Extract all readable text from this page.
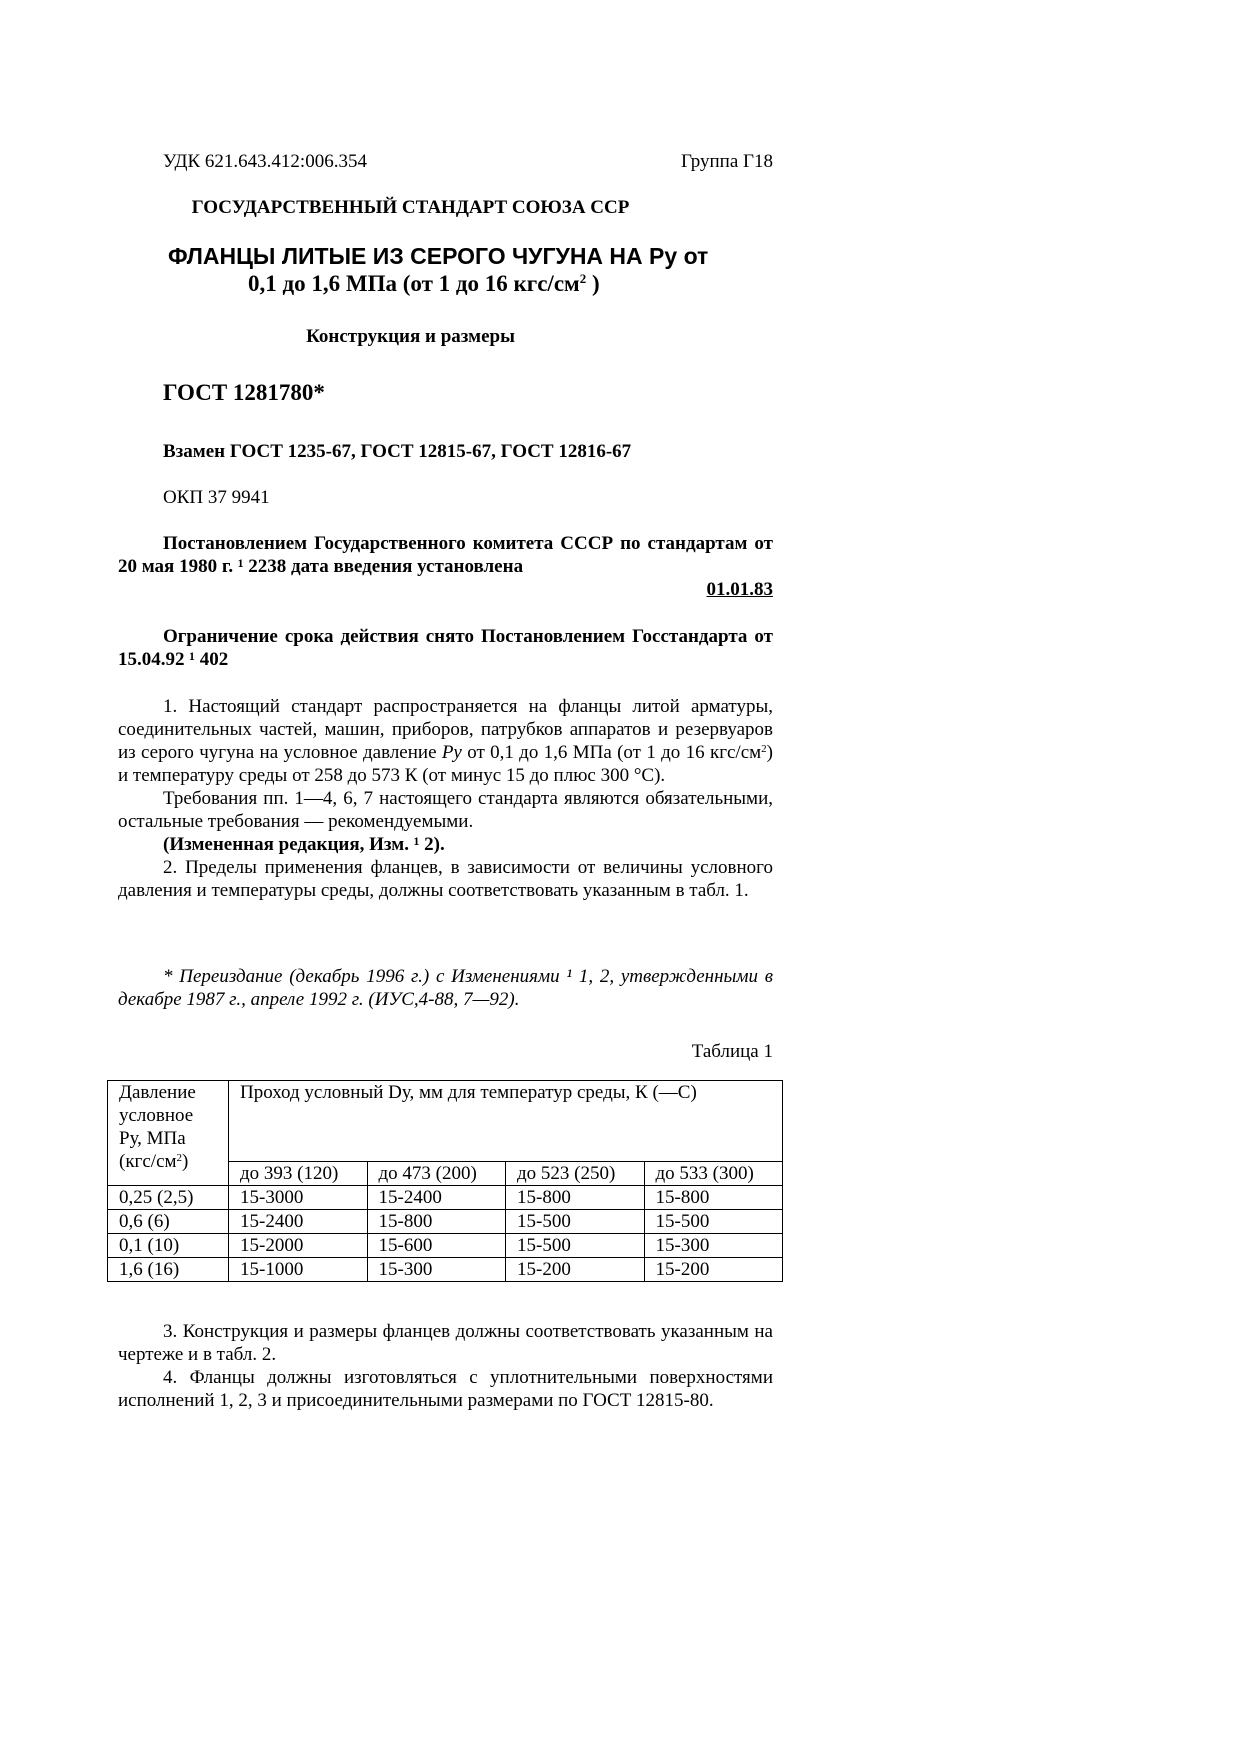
УДК 621.643.412:006.354	Группа Г18
ГОСУДАРСТВЕННЫЙ СТАНДАРТ СОЮЗА ССР
ФЛАНЦЫ ЛИТЫЕ ИЗ СЕРОГО ЧУГУНА НА Ру от
0,1 до 1,6 МПа (от 1 до 16 кгс/$см^2$ )
Конструкция и размеры
ГОСТ 1281780*
Взамен ГОСТ 1235-67, ГОСТ 12815-67, ГОСТ 12816-67
ОКП 37 9941
Постановлением Государственного комитета СССР по стандартам от 20 мая 1980 г. ¹ 2238 дата введения установлена
01.01.83
Ограничение срока действия снято Постановлением Госстандарта от 15.04.92 ¹ 402
1. Настоящий стандарт распространяется на фланцы литой арматуры, соединительных частей, машин, приборов, патрубков аппаратов и резервуаров из серого чугуна на условное давление Ру от 0,1 до 1,6 МПа (от 1 до 16 кгс/$см^2$) и температуру среды от 258 до 573 К (от минус 15 до плюс 300 °С).
Требования пп. 1—4, 6, 7 настоящего стандарта являются обязательными, остальные требования — рекомендуемыми.
(Измененная редакция, Изм. ¹ 2).
2. Пределы применения фланцев, в зависимости от величины условного давления и температуры среды, должны соответствовать указанным в табл. 1.
* Переиздание (декабрь 1996 г.) с Изменениями ¹ 1, 2, утвержденными в декабре 1987 г., апреле 1992 г. (ИУС,4-88, 7—92).
Таблица 1
Давление условное Ру, МПа $(кгс/см^2)$	Проход условный Dу, мм для температур среды, К (—С)			
	до 393 (120)	до 473 (200)	до 523 (250)	до 533 (300)
0,25 (2,5)	15-3000	15-2400	15-800	15-800
0,6 (6)	15-2400	15-800	15-500	15-500
0,1 (10)	15-2000	15-600	15-500	15-300
1,6 (16)	15-1000	15-300	15-200	15-200
3. Конструкция и размеры фланцев должны соответствовать указанным на чертеже и в табл. 2.
4. Фланцы должны изготовляться с уплотнительными поверхностями исполнений 1, 2, 3 и присоединительными размерами по ГОСТ 12815-80.
